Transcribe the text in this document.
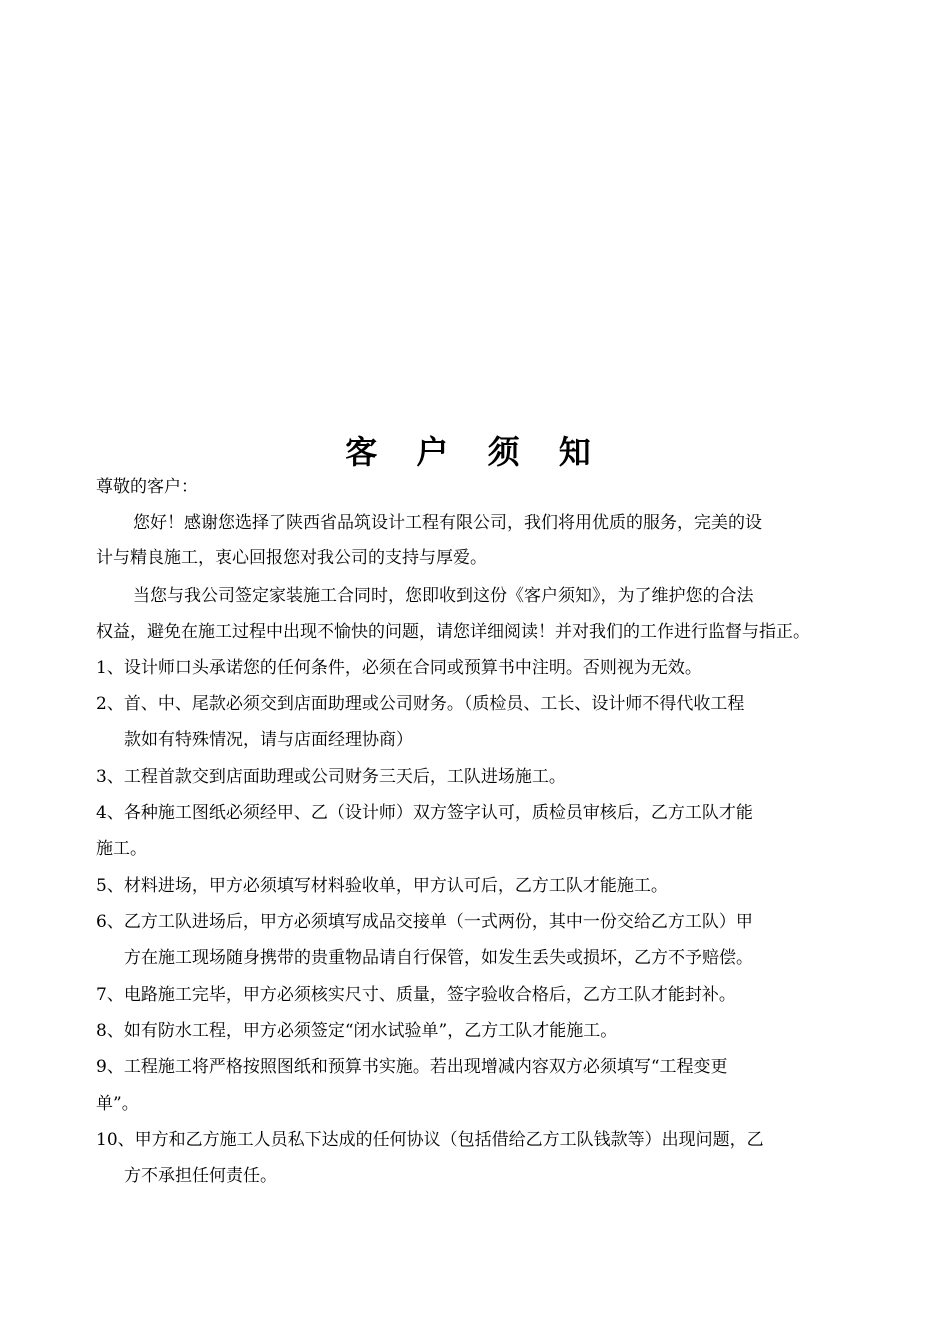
客 户 须 知
尊敬的客户：
您好！感谢您选择了陕西省品筑设计工程有限公司，我们将用优质的服务，完美的设
计与精良施工，衷心回报您对我公司的支持与厚爱。
当您与我公司签定家装施工合同时，您即收到这份《客户须知》，为了维护您的合法
权益，避免在施工过程中出现不愉快的问题，请您详细阅读！并对我们的工作进行监督与指正。
1、设计师口头承诺您的任何条件，必须在合同或预算书中注明。否则视为无效。
2、首、中、尾款必须交到店面助理或公司财务。（质检员、工长、设计师不得代收工程
款如有特殊情况，请与店面经理协商）
3、工程首款交到店面助理或公司财务三天后，工队进场施工。
4、各种施工图纸必须经甲、乙（设计师）双方签字认可，质检员审核后，乙方工队才能
施工。
5、材料进场，甲方必须填写材料验收单，甲方认可后，乙方工队才能施工。
6、乙方工队进场后，甲方必须填写成品交接单（一式两份，其中一份交给乙方工队）甲
方在施工现场随身携带的贵重物品请自行保管，如发生丢失或损坏，乙方不予赔偿。
7、电路施工完毕，甲方必须核实尺寸、质量，签字验收合格后，乙方工队才能封补。
8、如有防水工程，甲方必须签定“闭水试验单”，乙方工队才能施工。
9、工程施工将严格按照图纸和预算书实施。若出现增减内容双方必须填写“工程变更
单”。
10、甲方和乙方施工人员私下达成的任何协议（包括借给乙方工队钱款等）出现问题，乙
方不承担任何责任。
